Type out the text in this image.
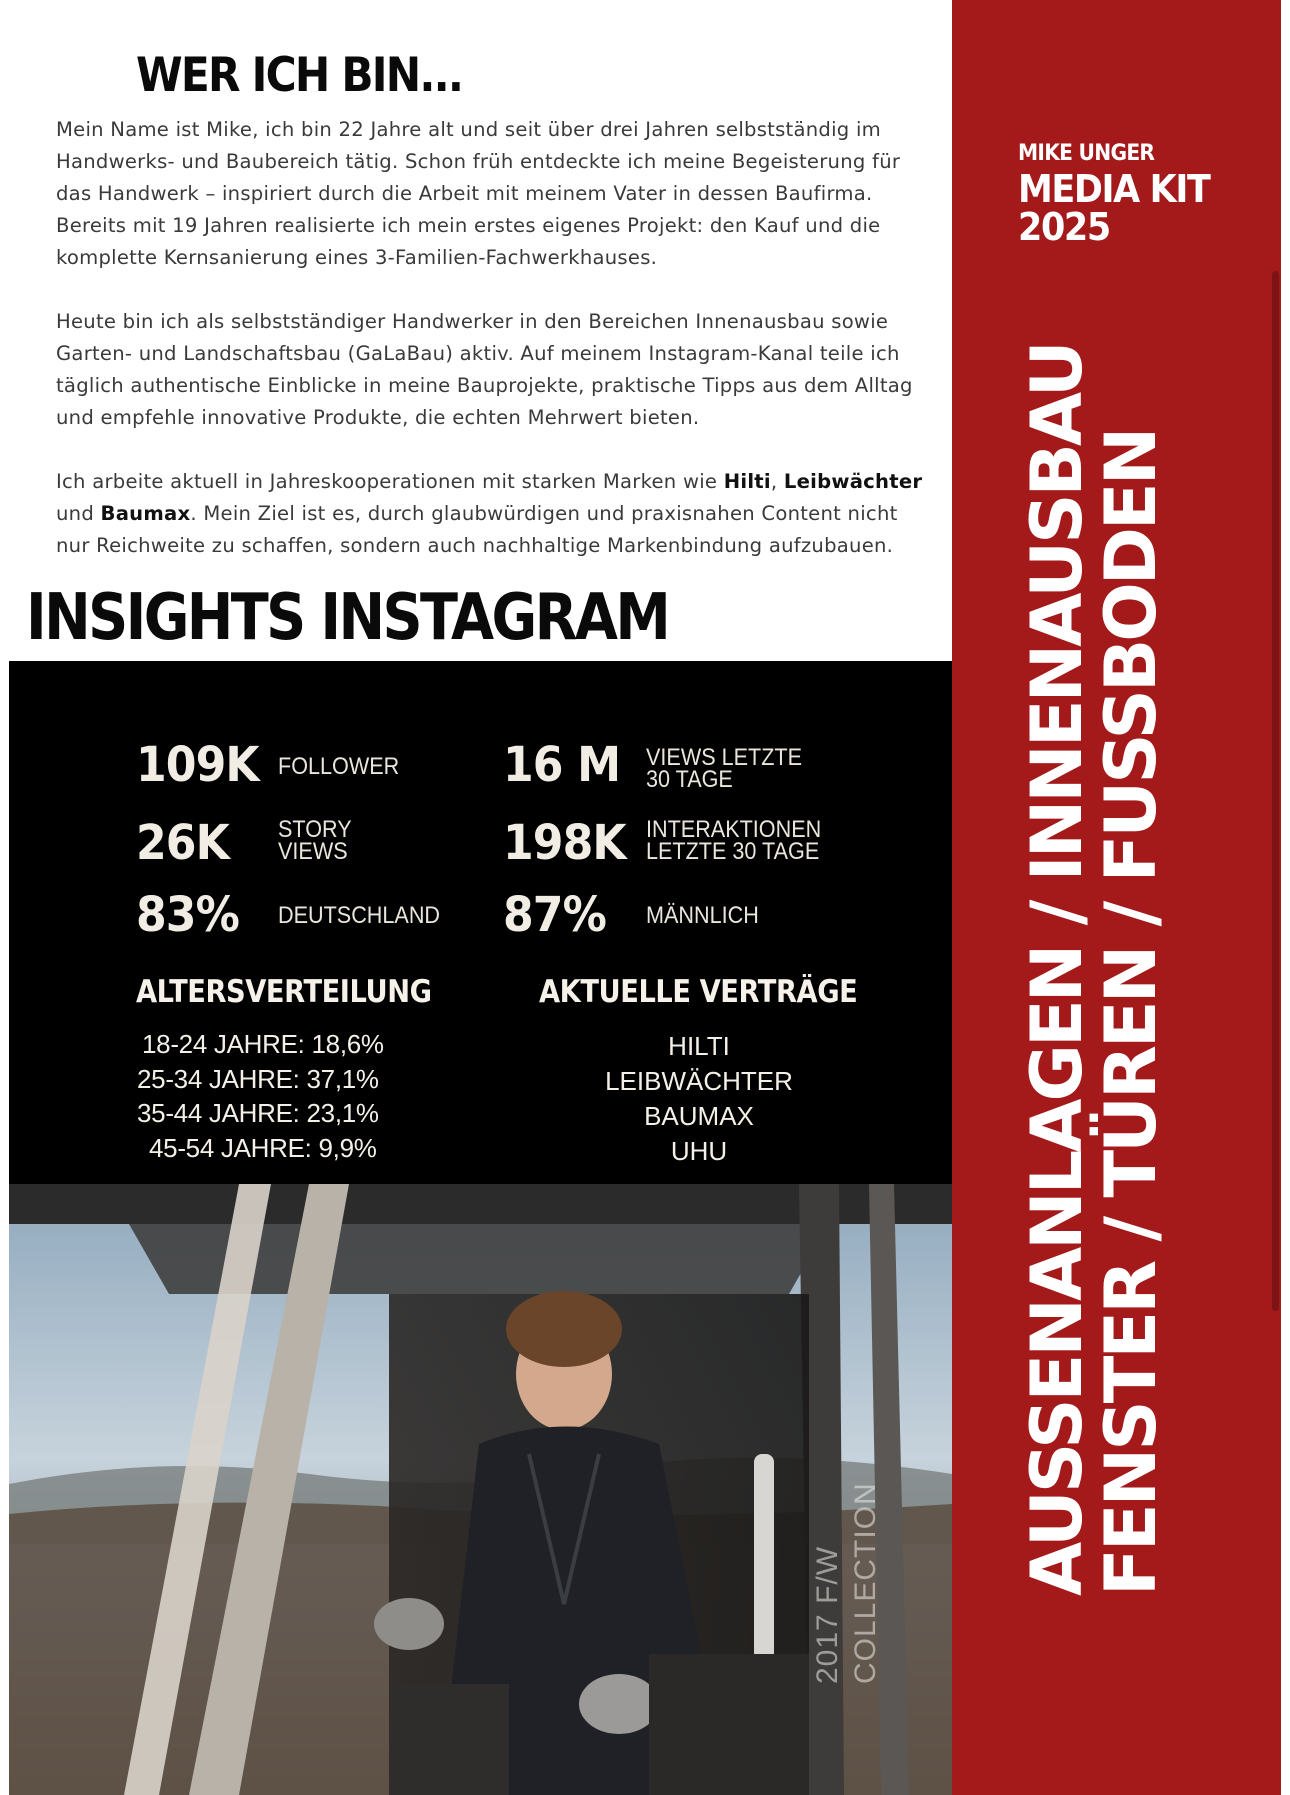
WER ICH BIN...

Mein Name ist Mike, ich bin 22 Jahre alt und seit über drei Jahren selbstständig im Handwerks- und Baubereich tätig. Schon früh entdeckte ich meine Begeisterung für das Handwerk – inspiriert durch die Arbeit mit meinem Vater in dessen Baufirma. Bereits mit 19 Jahren realisierte ich mein erstes eigenes Projekt: den Kauf und die komplette Kernsanierung eines 3-Familien-Fachwerkhauses.

Heute bin ich als selbstständiger Handwerker in den Bereichen Innenausbau sowie Garten- und Landschaftsbau (GaLaBau) aktiv. Auf meinem Instagram-Kanal teile ich täglich authentische Einblicke in meine Bauprojekte, praktische Tipps aus dem Alltag und empfehle innovative Produkte, die echten Mehrwert bieten.

Ich arbeite aktuell in Jahreskooperationen mit starken Marken wie Hilti, Leibwächter und Baumax. Mein Ziel ist es, durch glaubwürdigen und praxisnahen Content nicht nur Reichweite zu schaffen, sondern auch nachhaltige Markenbindung aufzubauen.

INSIGHTS INSTAGRAM
109K FOLLOWER 16 M VIEWS LETZTE
30 TAGE
26K STORY
VIEWS	198K INTERAKTIONEN
LETZTE 30 TAGE
83% DEUTSCHLAND 87% MÄNNLICH
ALTERSVERTEILUNG	AKTUELLE VERTRÄGE
18-24 JAHRE: 18,6%
25-34 JAHRE: 37,1%
35-44 JAHRE: 23,1%
45-54 JAHRE: 9,9%
HILTI
LEIBWÄCHTER
BAUMAX
UHU
2017 F/W COLLECTION
MIKE UNGER
MEDIA KIT
2025
AUSSENANLAGEN / INNENAUSBAU
FENSTER / TÜREN / FUSSBODEN
